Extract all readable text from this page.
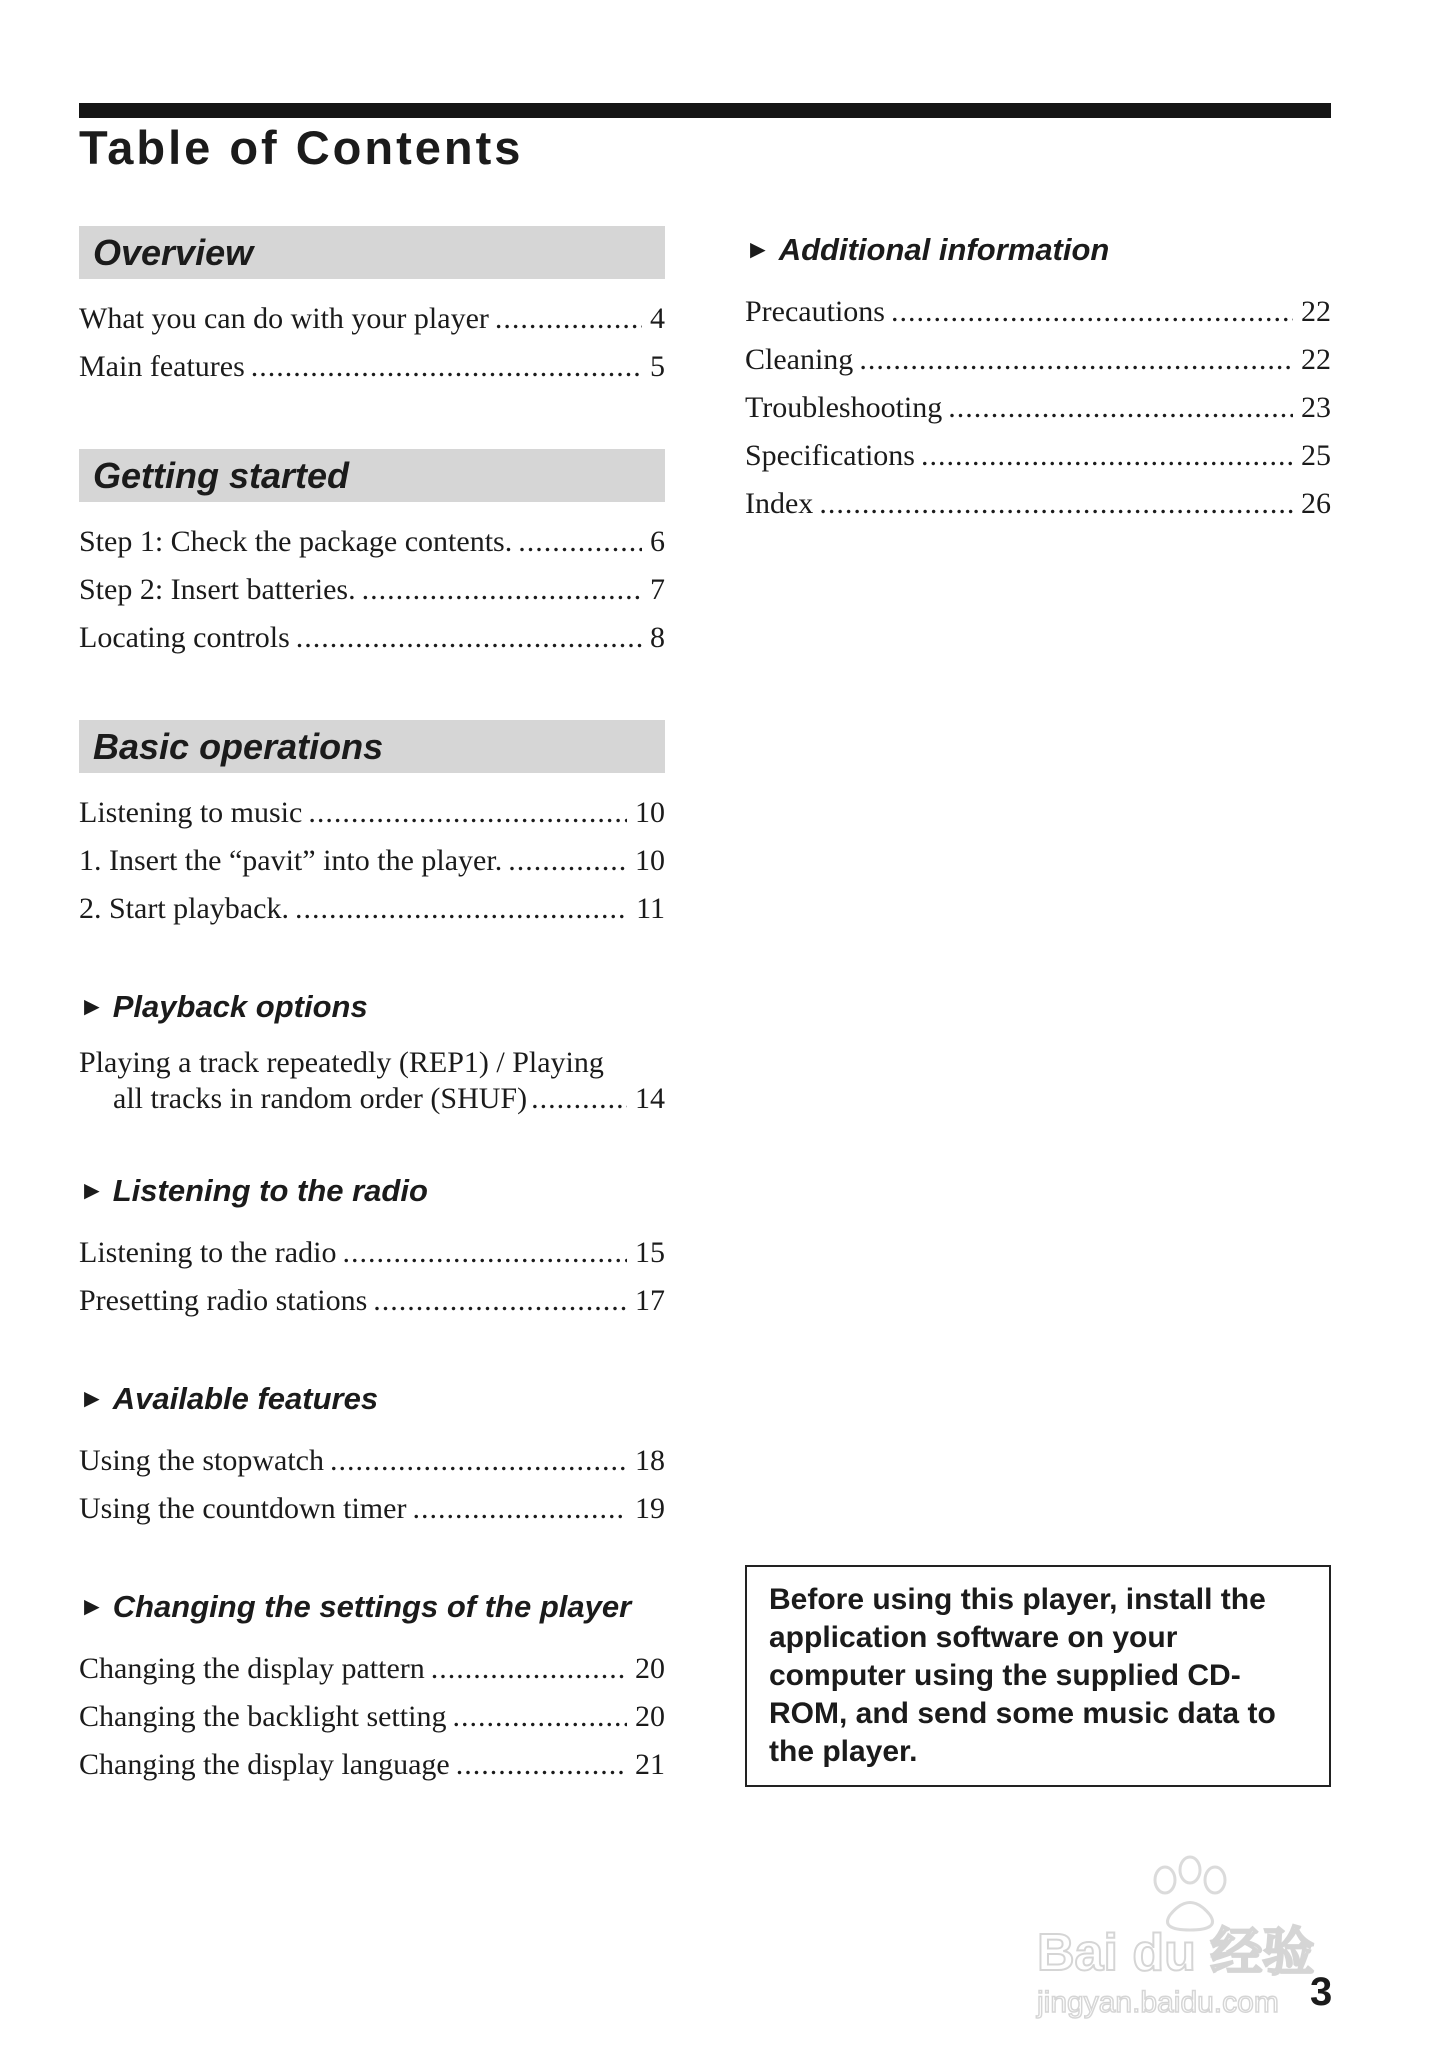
Table of Contents
Overview
What you can do with your player .....	4
Main features .....	5
Getting started
Step 1: Check the package contents. .....	6
Step 2: Insert batteries. .....	7
Locating controls .....	8
Basic operations
Listening to music .....	10
1. Insert the “pavit” into the player. .....	10
2. Start playback. .....	11
► Playback options
Playing a track repeatedly (REP1) / Playing
all tracks in random order (SHUF) .....	14
► Listening to the radio
Listening to the radio .....	15
Presetting radio stations .....	17
► Available features
Using the stopwatch .....	18
Using the countdown timer .....	19
► Changing the settings of the player
Changing the display pattern .....	20
Changing the backlight setting .....	20
Changing the display language .....	21
► Additional information
Precautions .....	22
Cleaning .....	22
Troubleshooting .....	23
Specifications .....	25
Index .....	26
Before using this player, install the application software on your computer using the supplied CD-ROM, and send some music data to the player.
Bai du 经验
jingyan.baidu.com 3
